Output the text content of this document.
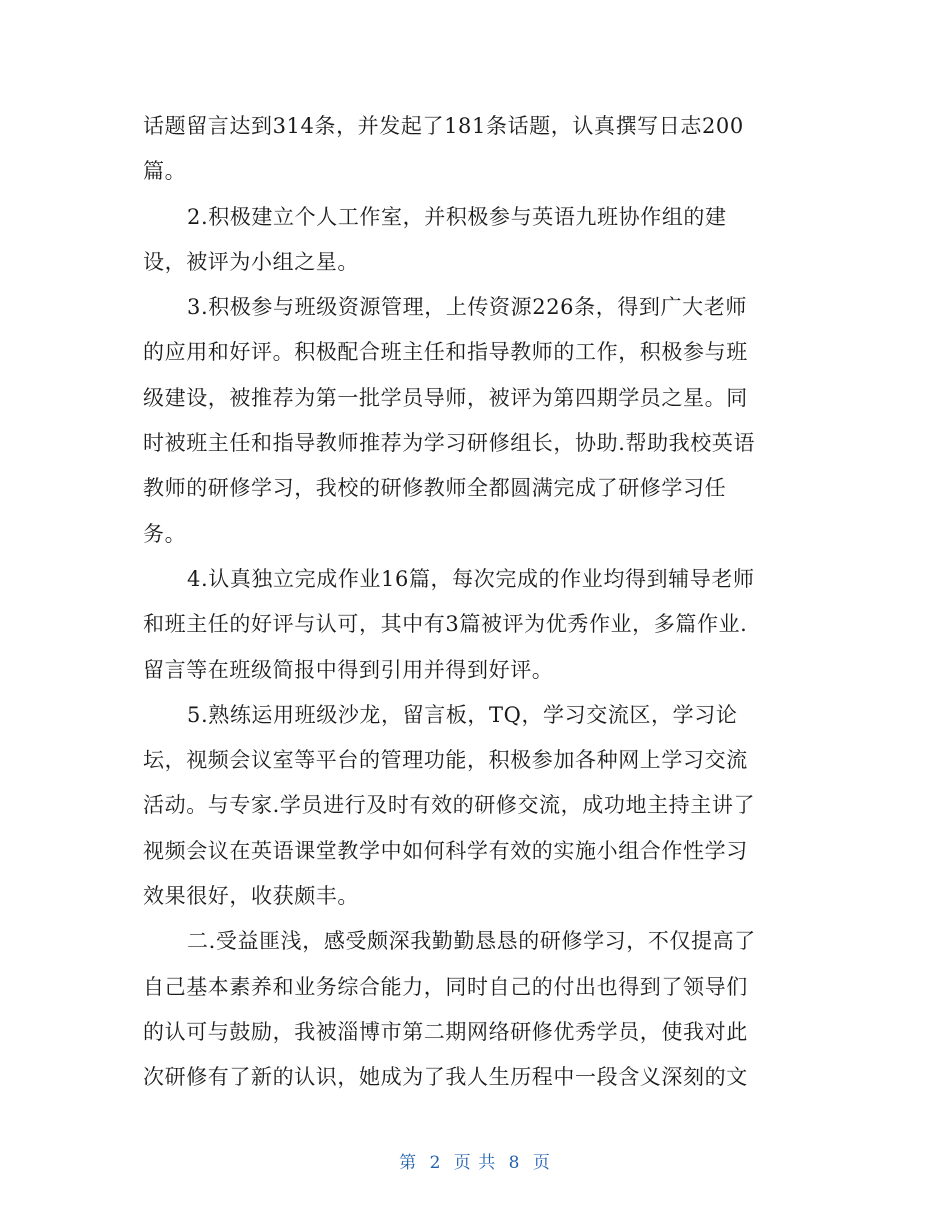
话题留言达到314条，并发起了181条话题，认真撰写日志200
篇。
2.积极建立个人工作室，并积极参与英语九班协作组的建
设，被评为小组之星。
3.积极参与班级资源管理，上传资源226条，得到广大老师
的应用和好评。积极配合班主任和指导教师的工作，积极参与班
级建设，被推荐为第一批学员导师，被评为第四期学员之星。同
时被班主任和指导教师推荐为学习研修组长，协助.帮助我校英语
教师的研修学习，我校的研修教师全都圆满完成了研修学习任
务。
4.认真独立完成作业16篇，每次完成的作业均得到辅导老师
和班主任的好评与认可，其中有3篇被评为优秀作业，多篇作业.
留言等在班级简报中得到引用并得到好评。
5.熟练运用班级沙龙，留言板，TQ，学习交流区，学习论
坛，视频会议室等平台的管理功能，积极参加各种网上学习交流
活动。与专家.学员进行及时有效的研修交流，成功地主持主讲了
视频会议在英语课堂教学中如何科学有效的实施小组合作性学习
效果很好，收获颇丰。
二.受益匪浅，感受颇深我勤勤恳恳的研修学习，不仅提高了
自己基本素养和业务综合能力，同时自己的付出也得到了领导们
的认可与鼓励，我被淄博市第二期网络研修优秀学员，使我对此
次研修有了新的认识，她成为了我人生历程中一段含义深刻的文
第 2 页 共 8 页
